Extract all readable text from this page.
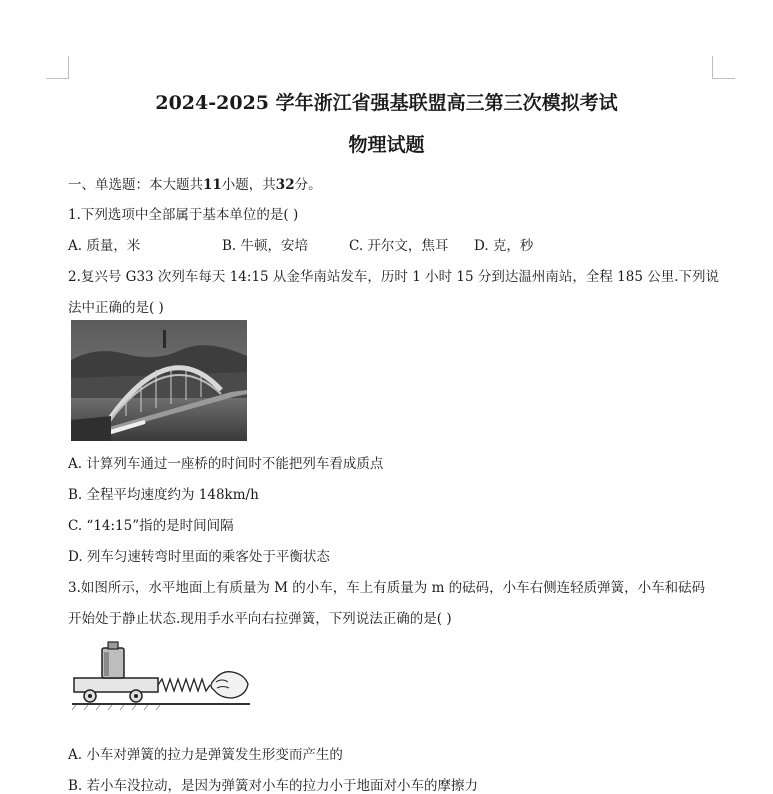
2024-2025 学年浙江省强基联盟高三第三次模拟考试
物理试题
一、单选题：本大题共11小题，共32分。
1.下列选项中全部属于基本单位的是( )
A. 质量，米	B. 牛顿，安培	C. 开尔文，焦耳 D. 克，秒
2.复兴号 G33 次列车每天 14:15 从金华南站发车，历时 1 小时 15 分到达温州南站，全程 185 公里.下列说
法中正确的是( )
A. 计算列车通过一座桥的时间时不能把列车看成质点
B. 全程平均速度约为 148km/h
C. “14:15”指的是时间间隔
D. 列车匀速转弯时里面的乘客处于平衡状态
3.如图所示，水平地面上有质量为 M 的小车，车上有质量为 m 的砝码，小车右侧连轻质弹簧，小车和砝码
开始处于静止状态.现用手水平向右拉弹簧，下列说法正确的是( )
A. 小车对弹簧的拉力是弹簧发生形变而产生的
B. 若小车没拉动，是因为弹簧对小车的拉力小于地面对小车的摩擦力
